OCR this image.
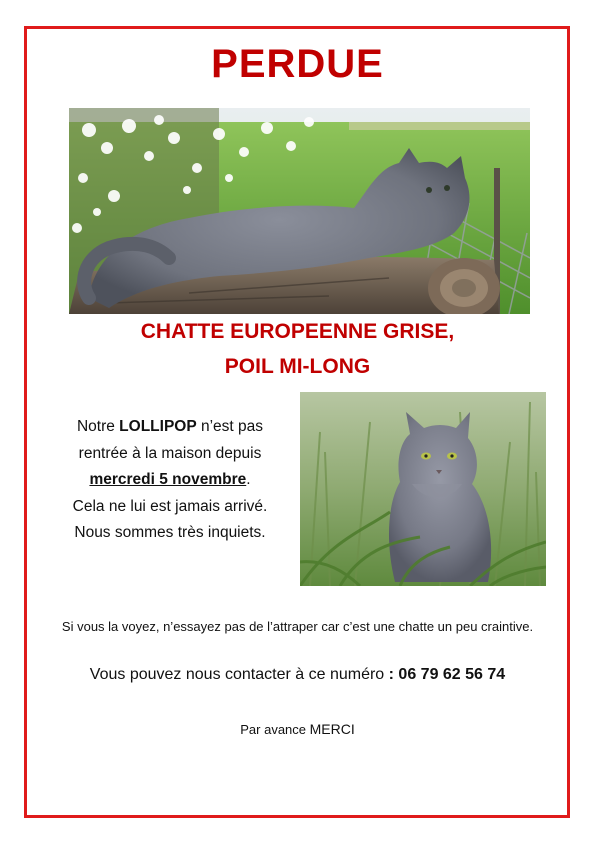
PERDUE
CHATTE EUROPEENNE GRISE,
POIL MI-LONG
Notre LOLLIPOP n’est pas
rentrée à la maison depuis
mercredi 5 novembre.
Cela ne lui est jamais arrivé.
Nous sommes très inquiets.
Si vous la voyez, n’essayez pas de l’attraper car c’est une chatte un peu craintive.
Vous pouvez nous contacter à ce numéro : 06 79 62 56 74
Par avance MERCI
